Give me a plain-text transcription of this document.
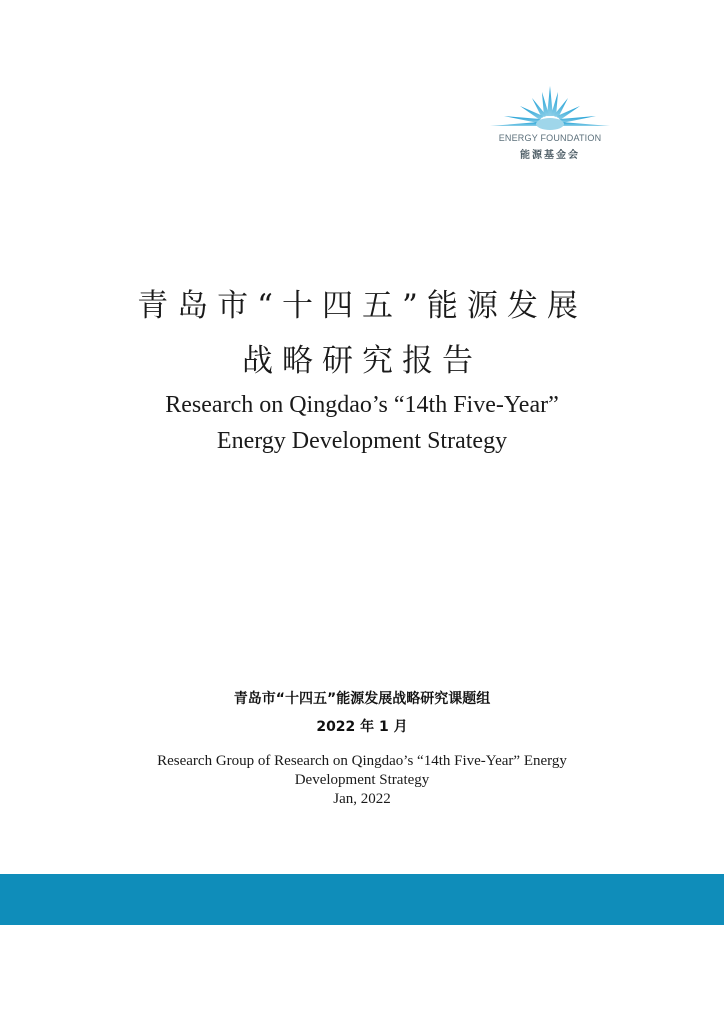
ENERGY FOUNDATION
能源基金会
青岛市“十四五”能源发展
战略研究报告
Research on Qingdao’s “14th Five-Year”
Energy Development Strategy
青岛市“十四五”能源发展战略研究课题组
2022 年 1 月
Research Group of Research on Qingdao’s “14th Five-Year” Energy
Development Strategy
Jan, 2022
